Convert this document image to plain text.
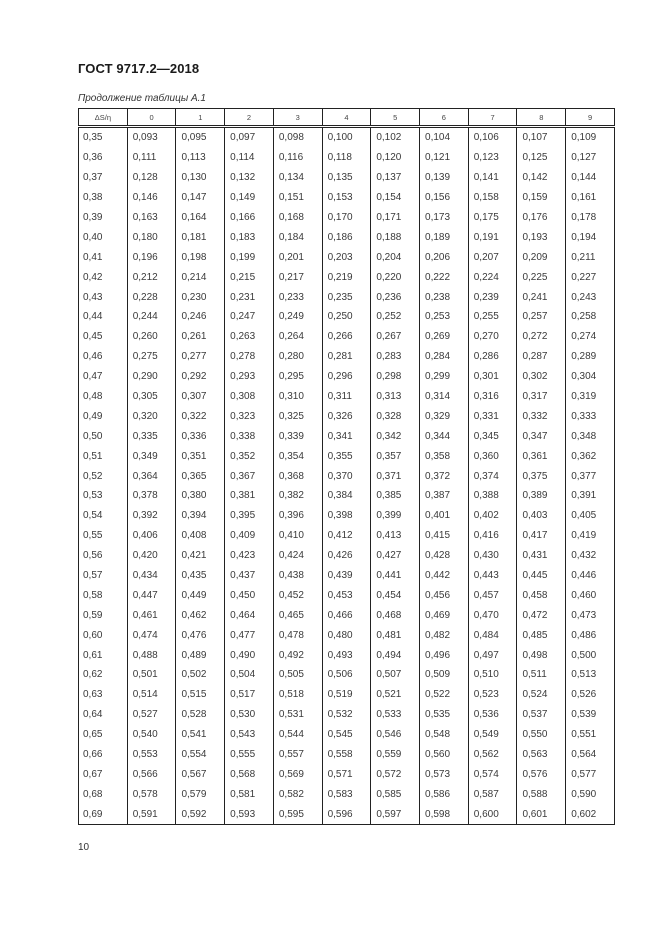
ГОСТ 9717.2—2018
Продолжение таблицы А.1
ΔS/η	0	1	2	3	4	5	6	7	8	9
0,35	0,093	0,095	0,097	0,098	0,100	0,102	0,104	0,106	0,107	0,109
0,36	0,111	0,113	0,114	0,116	0,118	0,120	0,121	0,123	0,125	0,127
0,37	0,128	0,130	0,132	0,134	0,135	0,137	0,139	0,141	0,142	0,144
0,38	0,146	0,147	0,149	0,151	0,153	0,154	0,156	0,158	0,159	0,161
0,39	0,163	0,164	0,166	0,168	0,170	0,171	0,173	0,175	0,176	0,178
0,40	0,180	0,181	0,183	0,184	0,186	0,188	0,189	0,191	0,193	0,194
0,41	0,196	0,198	0,199	0,201	0,203	0,204	0,206	0,207	0,209	0,211
0,42	0,212	0,214	0,215	0,217	0,219	0,220	0,222	0,224	0,225	0,227
0,43	0,228	0,230	0,231	0,233	0,235	0,236	0,238	0,239	0,241	0,243
0,44	0,244	0,246	0,247	0,249	0,250	0,252	0,253	0,255	0,257	0,258
0,45	0,260	0,261	0,263	0,264	0,266	0,267	0,269	0,270	0,272	0,274
0,46	0,275	0,277	0,278	0,280	0,281	0,283	0,284	0,286	0,287	0,289
0,47	0,290	0,292	0,293	0,295	0,296	0,298	0,299	0,301	0,302	0,304
0,48	0,305	0,307	0,308	0,310	0,311	0,313	0,314	0,316	0,317	0,319
0,49	0,320	0,322	0,323	0,325	0,326	0,328	0,329	0,331	0,332	0,333
0,50	0,335	0,336	0,338	0,339	0,341	0,342	0,344	0,345	0,347	0,348
0,51	0,349	0,351	0,352	0,354	0,355	0,357	0,358	0,360	0,361	0,362
0,52	0,364	0,365	0,367	0,368	0,370	0,371	0,372	0,374	0,375	0,377
0,53	0,378	0,380	0,381	0,382	0,384	0,385	0,387	0,388	0,389	0,391
0,54	0,392	0,394	0,395	0,396	0,398	0,399	0,401	0,402	0,403	0,405
0,55	0,406	0,408	0,409	0,410	0,412	0,413	0,415	0,416	0,417	0,419
0,56	0,420	0,421	0,423	0,424	0,426	0,427	0,428	0,430	0,431	0,432
0,57	0,434	0,435	0,437	0,438	0,439	0,441	0,442	0,443	0,445	0,446
0,58	0,447	0,449	0,450	0,452	0,453	0,454	0,456	0,457	0,458	0,460
0,59	0,461	0,462	0,464	0,465	0,466	0,468	0,469	0,470	0,472	0,473
0,60	0,474	0,476	0,477	0,478	0,480	0,481	0,482	0,484	0,485	0,486
0,61	0,488	0,489	0,490	0,492	0,493	0,494	0,496	0,497	0,498	0,500
0,62	0,501	0,502	0,504	0,505	0,506	0,507	0,509	0,510	0,511	0,513
0,63	0,514	0,515	0,517	0,518	0,519	0,521	0,522	0,523	0,524	0,526
0,64	0,527	0,528	0,530	0,531	0,532	0,533	0,535	0,536	0,537	0,539
0,65	0,540	0,541	0,543	0,544	0,545	0,546	0,548	0,549	0,550	0,551
0,66	0,553	0,554	0,555	0,557	0,558	0,559	0,560	0,562	0,563	0,564
0,67	0,566	0,567	0,568	0,569	0,571	0,572	0,573	0,574	0,576	0,577
0,68	0,578	0,579	0,581	0,582	0,583	0,585	0,586	0,587	0,588	0,590
0,69	0,591	0,592	0,593	0,595	0,596	0,597	0,598	0,600	0,601	0,602
10
